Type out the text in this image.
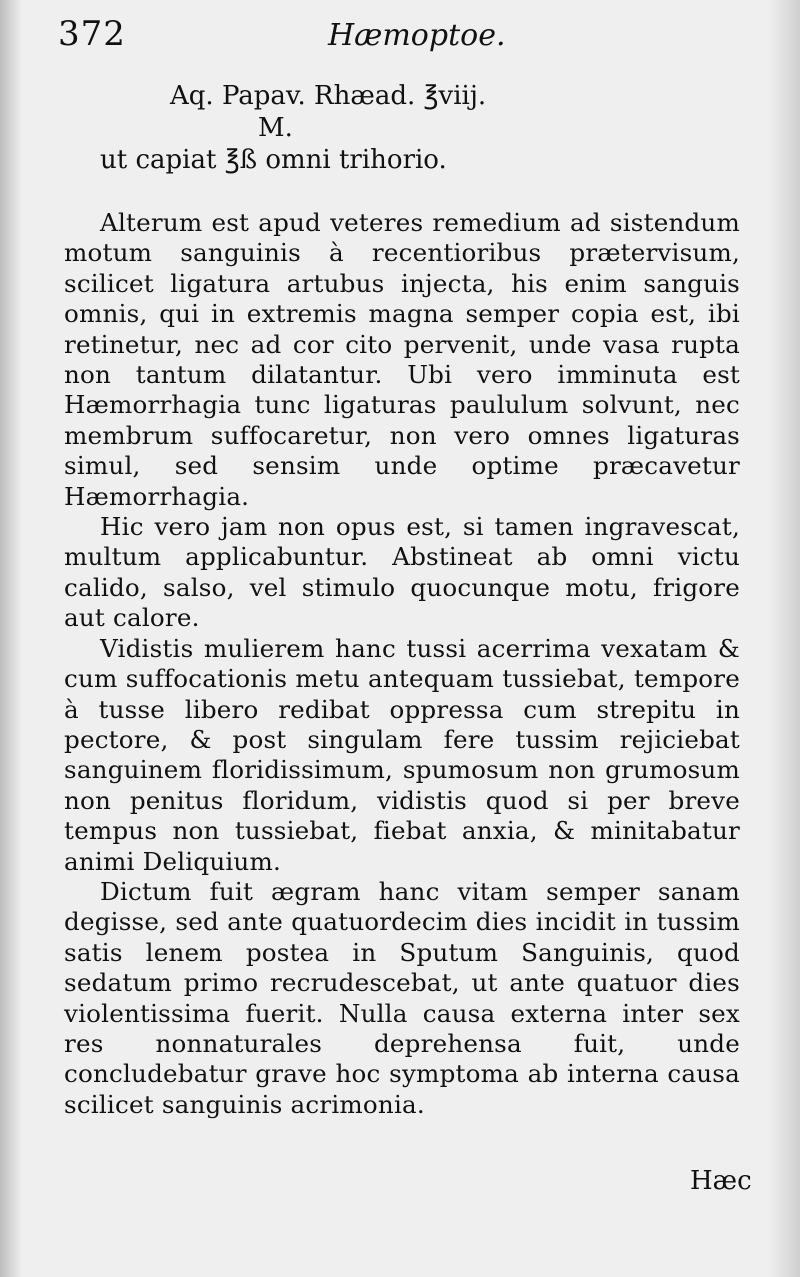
372	Hæmoptoe.
Aq. Papav. Rhæad. ℥viij.
M.
ut capiat ℥ß omni trihorio.

Alterum est apud veteres remedium ad sistendum motum sanguinis à recentioribus prætervisum, scilicet ligatura artubus injecta, his enim sanguis omnis, qui in extremis magna semper copia est, ibi retinetur, nec ad cor cito pervenit, unde vasa rupta non tantum dilatantur. Ubi vero imminuta est Hæmorrhagia tunc ligaturas paululum solvunt, nec membrum suffocaretur, non vero omnes ligaturas simul, sed sensim unde optime præcavetur Hæmorrhagia.

Hic vero jam non opus est, si tamen ingravescat, multum applicabuntur. Abstineat ab omni victu calido, salso, vel stimulo quocunque motu, frigore aut calore.

Vidistis mulierem hanc tussi acerrima vexatam & cum suffocationis metu antequam tussiebat, tempore à tusse libero redibat oppressa cum strepitu in pectore, & post singulam fere tussim rejiciebat sanguinem floridissimum, spumosum non grumosum non penitus floridum, vidistis quod si per breve tempus non tussiebat, fiebat anxia, & minitabatur animi Deliquium.

Dictum fuit ægram hanc vitam semper sanam degisse, sed ante quatuordecim dies incidit in tussim satis lenem postea in Sputum Sanguinis, quod sedatum primo recrudescebat, ut ante quatuor dies violentissima fuerit. Nulla causa externa inter sex res nonnaturales deprehensa fuit, unde concludebatur grave hoc symptoma ab interna causa scilicet sanguinis acrimonia.

Hæc
